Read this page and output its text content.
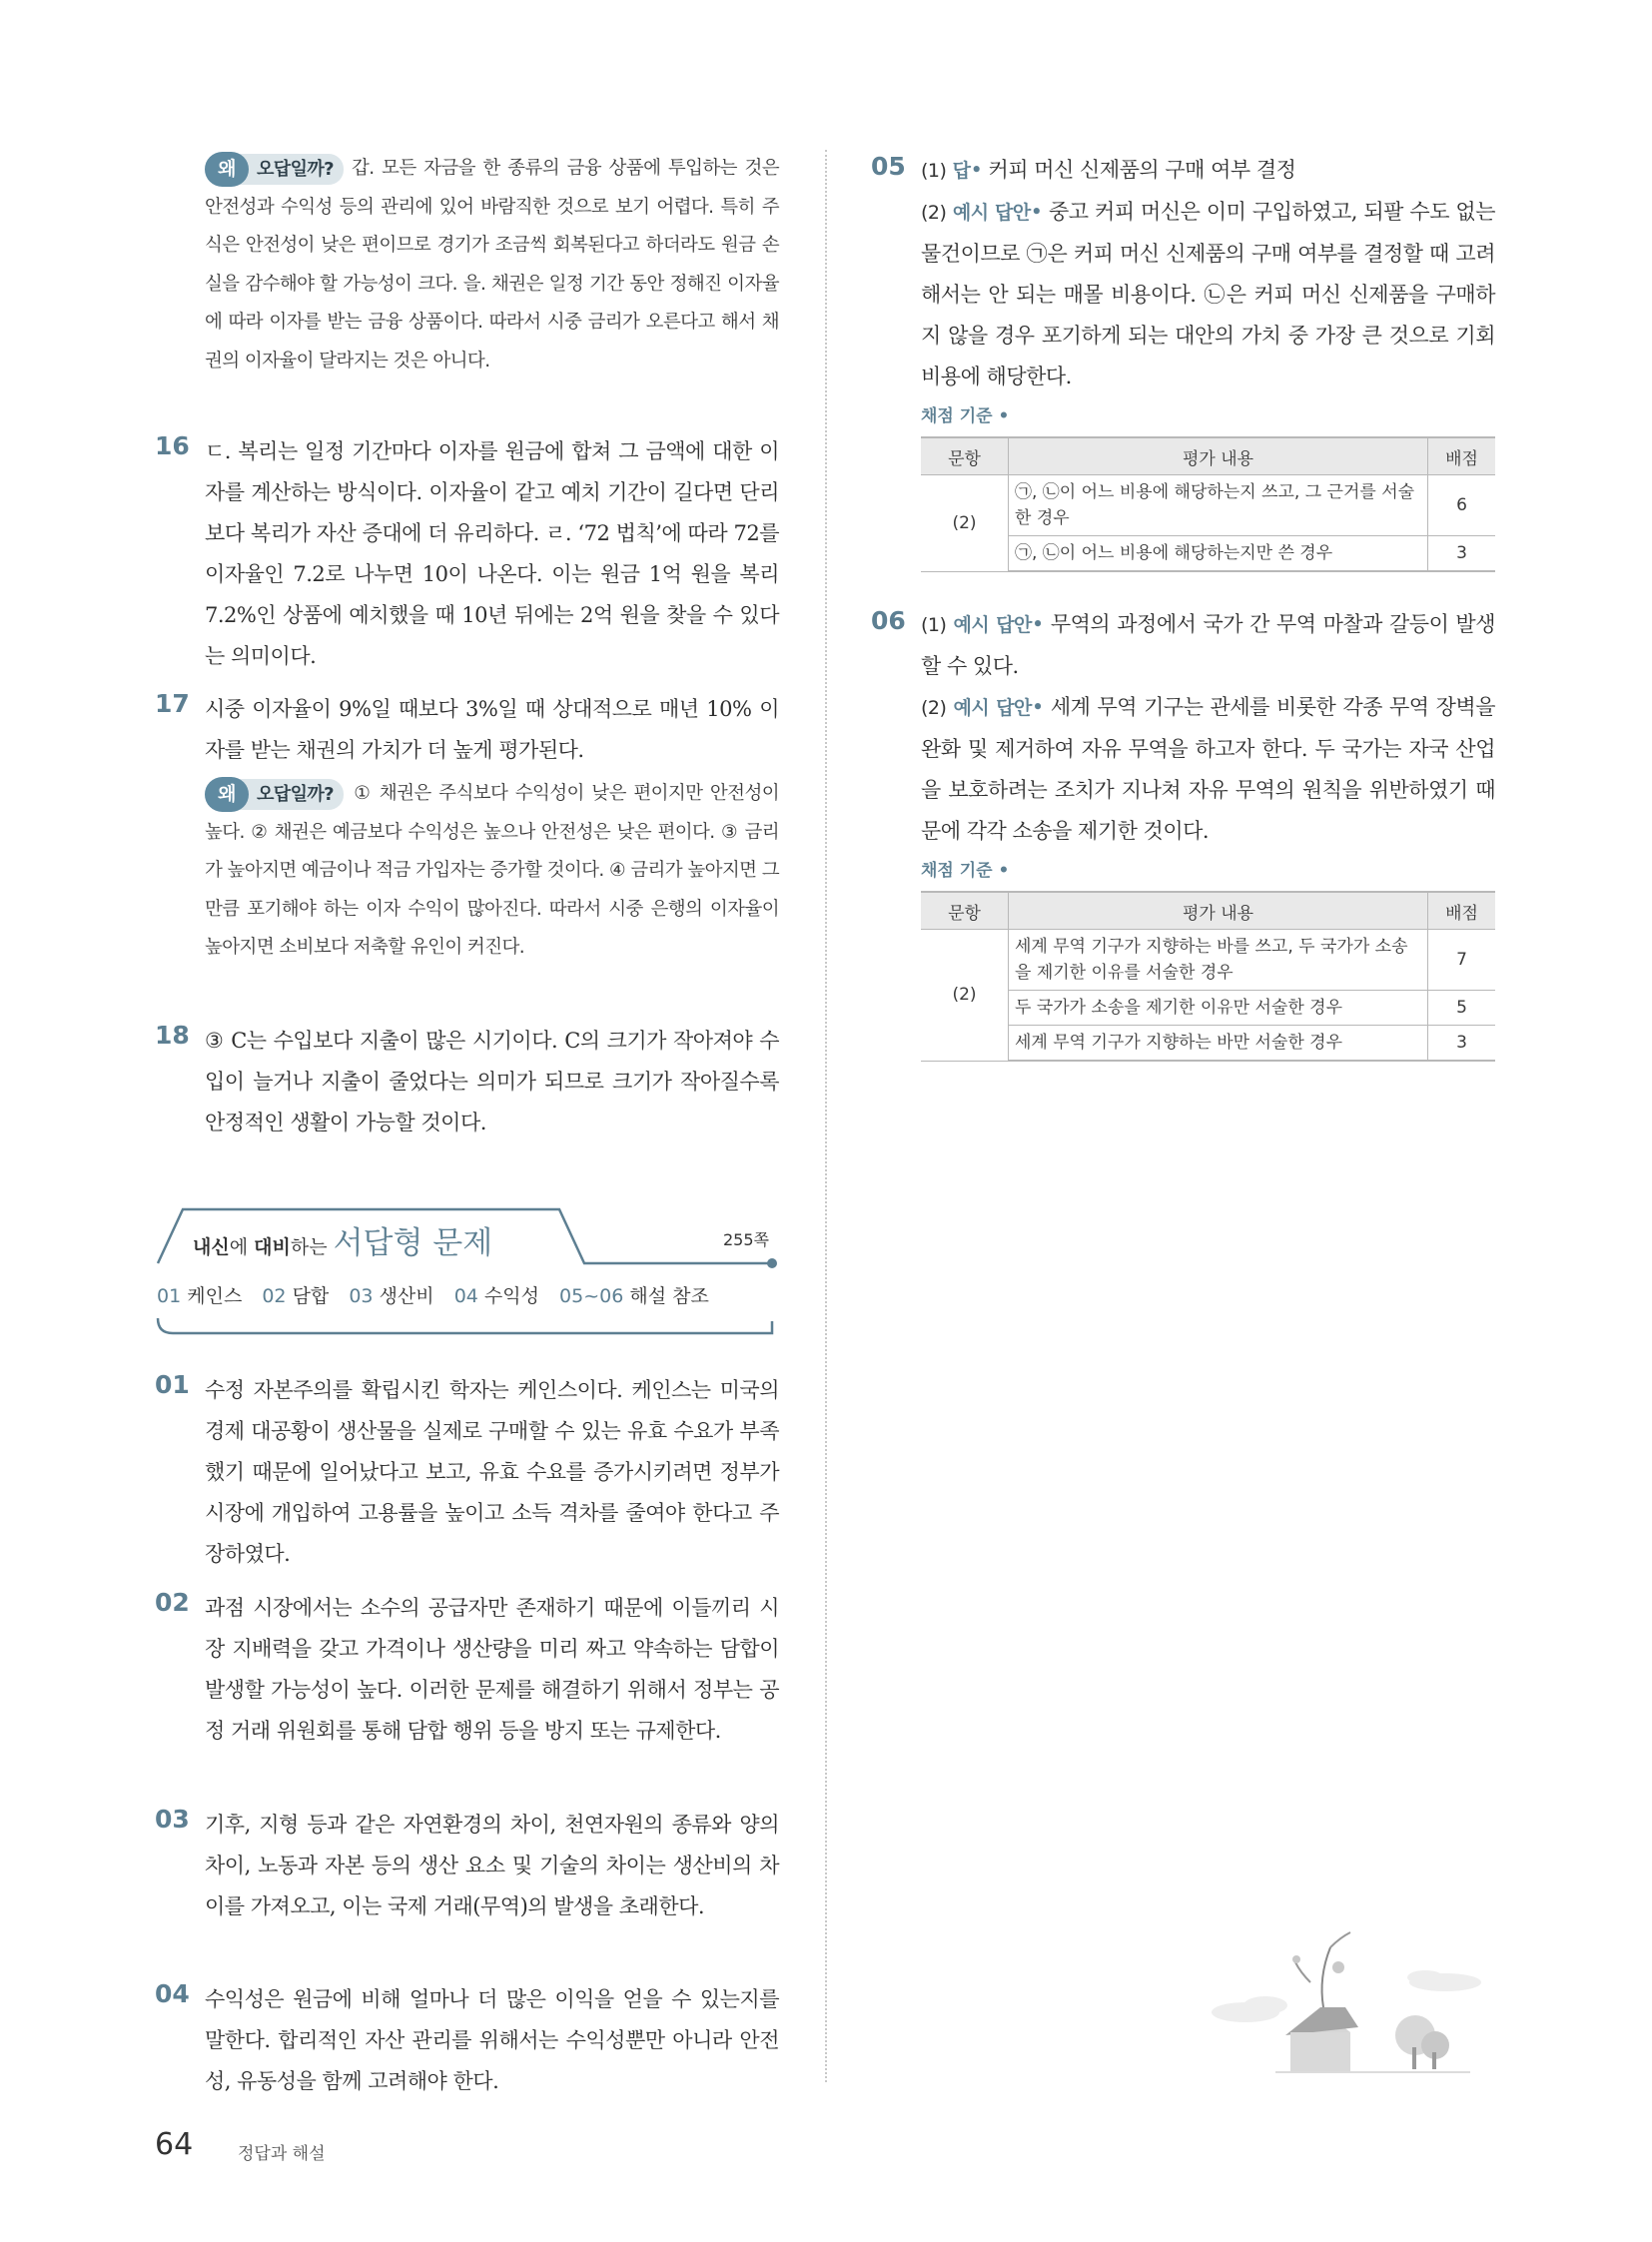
왜	오답일까? 갑. 모든 자금을 한 종류의 금융 상품에 투입하는 것은 안전성과 수익성 등의 관리에 있어 바람직한 것으로 보기 어렵다. 특히 주식은 안전성이 낮은 편이므로 경기가 조금씩 회복된다고 하더라도 원금 손실을 감수해야 할 가능성이 크다. 을. 채권은 일정 기간 동안 정해진 이자율에 따라 이자를 받는 금융 상품이다. 따라서 시중 금리가 오른다고 해서 채권의 이자율이 달라지는 것은 아니다.
16 ㄷ. 복리는 일정 기간마다 이자를 원금에 합쳐 그 금액에 대한 이자를 계산하는 방식이다. 이자율이 같고 예치 기간이 길다면 단리보다 복리가 자산 증대에 더 유리하다. ㄹ. ‘72 법칙’에 따라 72를 이자율인 7.2로 나누면 10이 나온다. 이는 원금 1억 원을 복리 7.2%인 상품에 예치했을 때 10년 뒤에는 2억 원을 찾을 수 있다는 의미이다.
17 시중 이자율이 9%일 때보다 3%일 때 상대적으로 매년 10% 이자를 받는 채권의 가치가 더 높게 평가된다.
왜	오답일까? ① 채권은 주식보다 수익성이 낮은 편이지만 안전성이 높다. ② 채권은 예금보다 수익성은 높으나 안전성은 낮은 편이다. ③ 금리가 높아지면 예금이나 적금 가입자는 증가할 것이다. ④ 금리가 높아지면 그만큼 포기해야 하는 이자 수익이 많아진다. 따라서 시중 은행의 이자율이 높아지면 소비보다 저축할 유인이 커진다.
18 ③ C는 수입보다 지출이 많은 시기이다. C의 크기가 작아져야 수입이 늘거나 지출이 줄었다는 의미가 되므로 크기가 작아질수록 안정적인 생활이 가능할 것이다.
내신에 대비하는 서답형 문제	255쪽
01 케인스 02 담합 03 생산비 04 수익성 05~06 해설 참조
01 수정 자본주의를 확립시킨 학자는 케인스이다. 케인스는 미국의 경제 대공황이 생산물을 실제로 구매할 수 있는 유효 수요가 부족했기 때문에 일어났다고 보고, 유효 수요를 증가시키려면 정부가 시장에 개입하여 고용률을 높이고 소득 격차를 줄여야 한다고 주장하였다.
02 과점 시장에서는 소수의 공급자만 존재하기 때문에 이들끼리 시장 지배력을 갖고 가격이나 생산량을 미리 짜고 약속하는 담합이 발생할 가능성이 높다. 이러한 문제를 해결하기 위해서 정부는 공정 거래 위원회를 통해 담합 행위 등을 방지 또는 규제한다.
03 기후, 지형 등과 같은 자연환경의 차이, 천연자원의 종류와 양의 차이, 노동과 자본 등의 생산 요소 및 기술의 차이는 생산비의 차이를 가져오고, 이는 국제 거래(무역)의 발생을 초래한다.
04 수익성은 원금에 비해 얼마나 더 많은 이익을 얻을 수 있는지를 말한다. 합리적인 자산 관리를 위해서는 수익성뿐만 아니라 안전성, 유동성을 함께 고려해야 한다.
05 (1) 답• 커피 머신 신제품의 구매 여부 결정
(2) 예시 답안• 중고 커피 머신은 이미 구입하였고, 되팔 수도 없는 물건이므로 ㉠은 커피 머신 신제품의 구매 여부를 결정할 때 고려해서는 안 되는 매몰 비용이다. ㉡은 커피 머신 신제품을 구매하지 않을 경우 포기하게 되는 대안의 가치 중 가장 큰 것으로 기회비용에 해당한다.
채점 기준 •
문항	평가 내용	배점
(2)	㉠, ㉡이 어느 비용에 해당하는지 쓰고, 그 근거를 서술한 경우	6
	㉠, ㉡이 어느 비용에 해당하는지만 쓴 경우	3
06 (1) 예시 답안• 무역의 과정에서 국가 간 무역 마찰과 갈등이 발생할 수 있다.
(2) 예시 답안• 세계 무역 기구는 관세를 비롯한 각종 무역 장벽을 완화 및 제거하여 자유 무역을 하고자 한다. 두 국가는 자국 산업을 보호하려는 조치가 지나쳐 자유 무역의 원칙을 위반하였기 때문에 각각 소송을 제기한 것이다.
채점 기준 •
문항	평가 내용	배점
(2)	세계 무역 기구가 지향하는 바를 쓰고, 두 국가가 소송을 제기한 이유를 서술한 경우	7
	두 국가가 소송을 제기한 이유만 서술한 경우	5
	세계 무역 기구가 지향하는 바만 서술한 경우	3
64	정답과 해설
